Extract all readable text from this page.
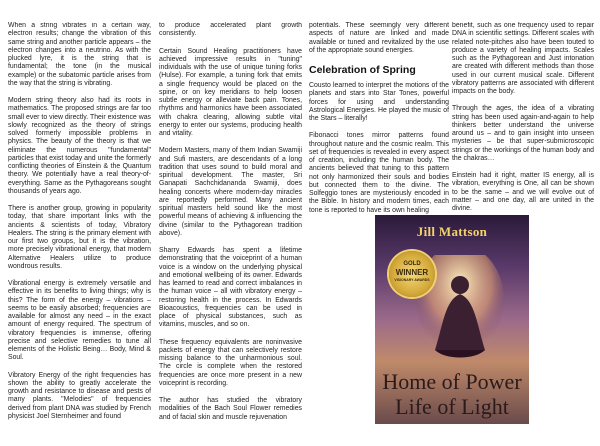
When a string vibrates in a certain way, electron results; change the vibration of this same string and another particle appears – the electron changes into a neutrino. As with the plucked lyre, it is the string that is fundamental; the tone (in the musical example) or the subatomic particle arises from the way that the string is vibrating.

Modern string theory also had its roots in mathematics. The proposed strings are far too small ever to view directly. Their existence was slowly recognized as the theory of strings solved formerly impossible problems in physics. The beauty of the theory is that we eliminate the numerous "fundamental" particles that exist today and unite the formerly conflicting theories of Einstein & the Quantum theory. We potentially have a real theory-of-everything. Same as the Pythagoreans sought thousands of years ago.

There is another group, growing in popularity today, that share important links with the ancients & scientists of today, Vibratory Healers. The string is the primary element with our first two groups, but it is the vibration, more precisely vibrational energy, that modern Alternative Healers utilize to produce wondrous results.

Vibrational energy is extremely versatile and effective in its benefits to living things; why is this? The form of the energy – vibrations – seems to be easily absorbed; frequencies are available for almost any need – in the exact amount of energy required. The spectrum of vibratory frequencies is immense, offering precise and selective remedies to tune all elements of the Holistic Being… Body, Mind & Soul.

Vibratory Energy of the right frequencies has shown the ability to greatly accelerate the growth and resistance to disease and pests of many plants. "Melodies" of frequencies derived from plant DNA was studied by French physicist Joel Sternheimer and found

to produce accelerated plant growth consistently.

Certain Sound Healing practitioners have achieved impressive results in "tuning" individuals with the use of unique tuning forks (Hulse). For example, a tuning fork that emits a single frequency would be placed on the spine, or on key meridians to help loosen subtle energy or alleviate back pain. Tones, rhythms and harmonics have been associated with chakra clearing, allowing subtle vital energy to enter our systems, producing health and vitality.

Modern Masters, many of them Indian Swamiji and Sufi masters, are descendants of a long tradition that uses sound to build moral and spiritual development. The master, Sri Ganapati Sachchidananda Swamiji, does healing concerts where modern-day miracles are reportedly performed. Many ancient spiritual masters held sound like the most powerful means of achieving & influencing the divine (similar to the Pythagorean tradition above).

Sharry Edwards has spent a lifetime demonstrating that the voiceprint of a human voice is a window on the underlying physical and emotional wellbeing of its owner. Edwards has learned to read and correct imbalances in the human voice – all with vibratory energy – restoring health in the process. In Edwards Bioacoustics, frequencies can be used in place of physical substances, such as vitamins, muscles, and so on.

These frequency equivalents are noninvasive packets of energy that can selectively restore missing balance to the unharmonious soul. The circle is complete when the restored frequencies are once more present in a new voiceprint is recording.

The author has studied the vibratory modalities of the Bach Soul Flower remedies and of facial skin and muscle rejuvenation

potentials. These seemingly very different aspects of nature are linked and made available or tuned and revitalized by the use of the appropriate sound energies.

Celebration of Spring

Cousto learned to interpret the motions of the planets and stars into Star Tones, powerful forces for using and understanding Astrological Energies. He played the music of the Stars – literally!

Fibonacci tones mirror patterns found throughout nature and the cosmic realm. This set of frequencies is revealed in every aspect of creation, including the human body. The ancients believed that tuning to this pattern not only harmonized their souls and bodies but connected them to the divine. The Solfeggio tones are mysteriously encoded in the Bible. In history and modern times, each tone is reported to have its own healing

benefit, such as one frequency used to repair DNA in scientific settings. Different scales with related note-pitches also have been touted to produce a variety of healing impacts. Scales such as the Pythagorean and Just intonation are created with different methods than those used in our current musical scale. Different vibratory patterns are associated with different impacts on the body.

Through the ages, the idea of a vibrating string has been used again-and-again to help thinkers better understand the universe around us – and to gain insight into unseen mysteries – be that super-submicroscopic strings or the workings of the human body and the chakras…

Einstein had it right, matter IS energy, all is vibration, everything is One, all can be shown to be the same – and we will evolve out of matter – and one day, all are united in the divine.

Jill Mattson
GOLD
WINNER
VISIONARY AWARDS
Home of Power
Life of Light
